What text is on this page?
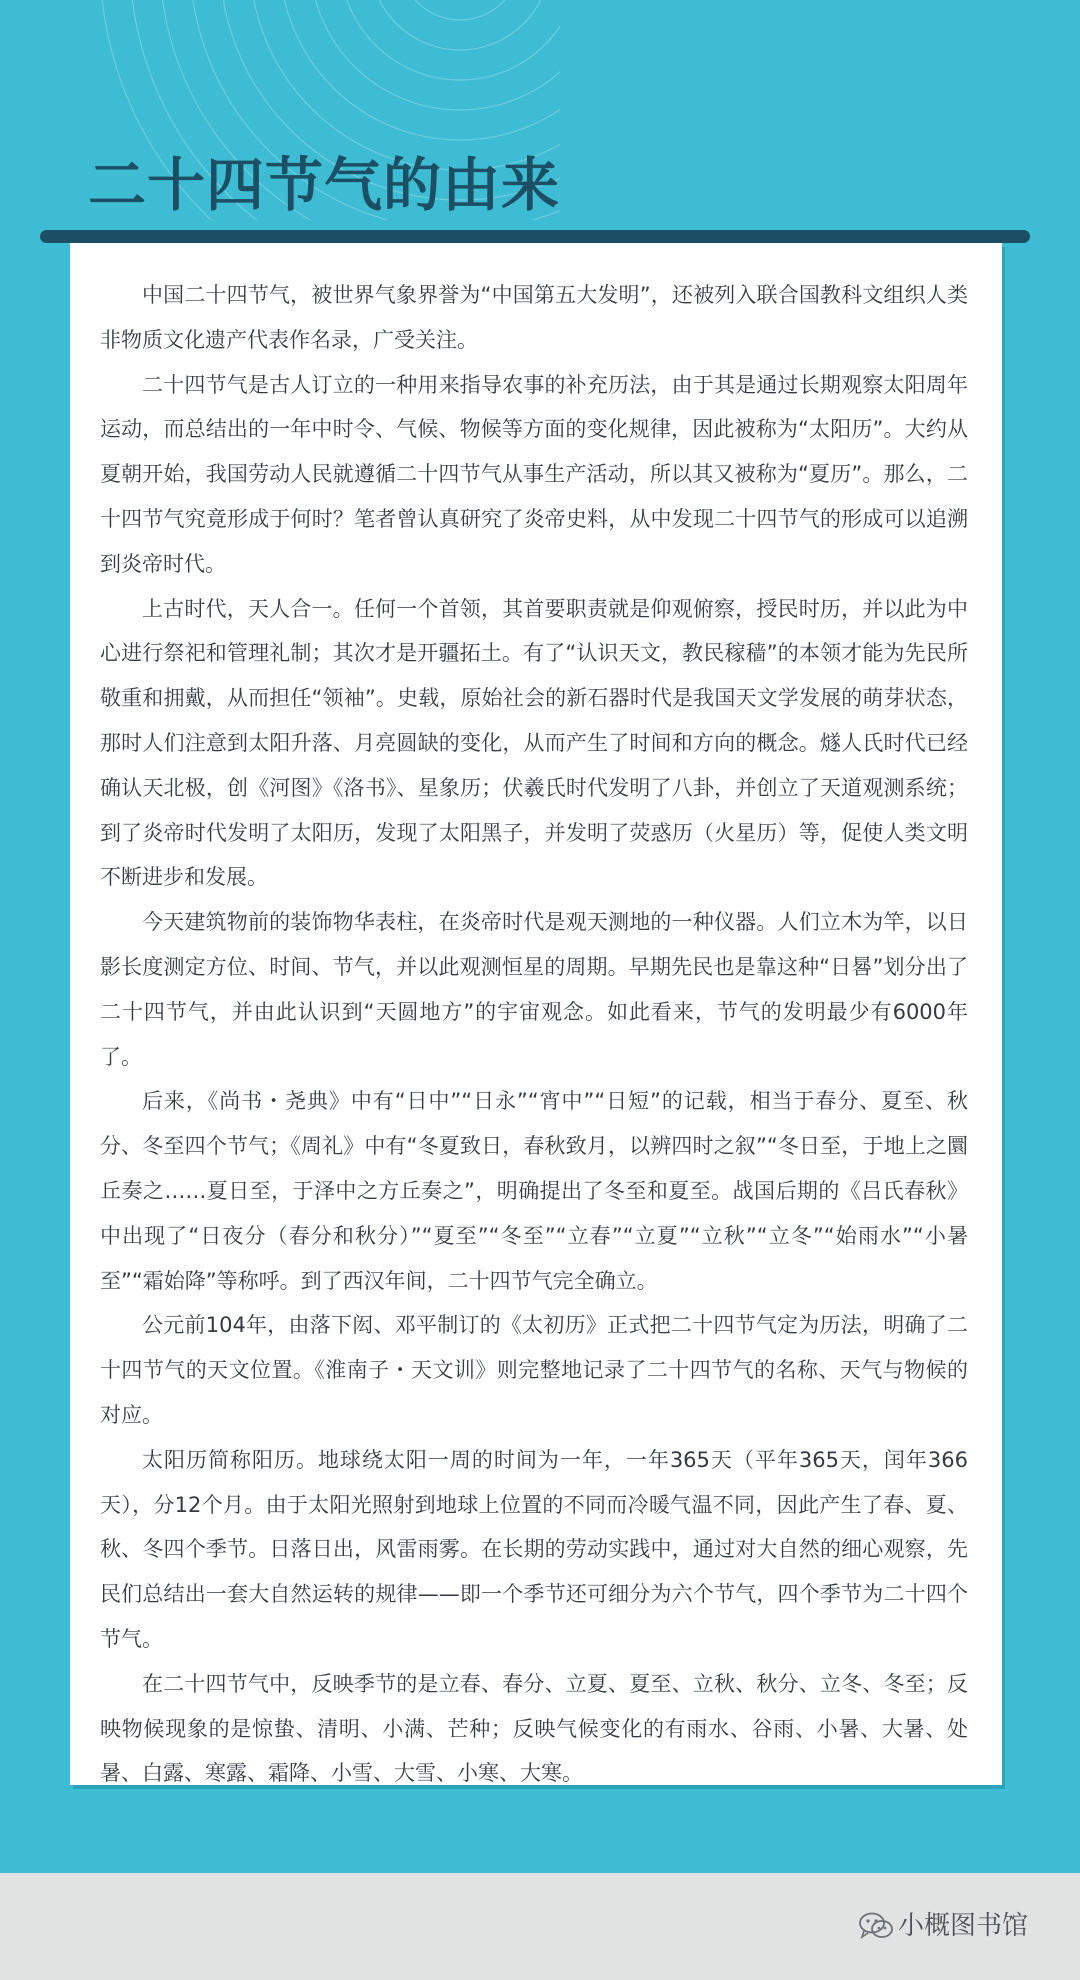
二十四节气的由来

中国二十四节气，被世界气象界誉为“中国第五大发明”，还被列入联合国教科文组织人类非物质文化遗产代表作名录，广受关注。

二十四节气是古人订立的一种用来指导农事的补充历法，由于其是通过长期观察太阳周年运动，而总结出的一年中时令、气候、物候等方面的变化规律，因此被称为“太阳历”。大约从夏朝开始，我国劳动人民就遵循二十四节气从事生产活动，所以其又被称为“夏历”。那么，二十四节气究竟形成于何时？笔者曾认真研究了炎帝史料，从中发现二十四节气的形成可以追溯到炎帝时代。

上古时代，天人合一。任何一个首领，其首要职责就是仰观俯察，授民时历，并以此为中心进行祭祀和管理礼制；其次才是开疆拓土。有了“认识天文，教民稼穑”的本领才能为先民所敬重和拥戴，从而担任“领袖”。史载，原始社会的新石器时代是我国天文学发展的萌芽状态，那时人们注意到太阳升落、月亮圆缺的变化，从而产生了时间和方向的概念。燧人氏时代已经确认天北极，创《河图》《洛书》、星象历；伏羲氏时代发明了八卦，并创立了天道观测系统；到了炎帝时代发明了太阳历，发现了太阳黑子，并发明了荧惑历（火星历）等，促使人类文明不断进步和发展。

今天建筑物前的装饰物华表柱，在炎帝时代是观天测地的一种仪器。人们立木为竿，以日影长度测定方位、时间、节气，并以此观测恒星的周期。早期先民也是靠这种“日晷”划分出了二十四节气，并由此认识到“天圆地方”的宇宙观念。如此看来，节气的发明最少有6000年了。

后来，《尚书・尧典》中有“日中”“日永”“宵中”“日短”的记载，相当于春分、夏至、秋分、冬至四个节气；《周礼》中有“冬夏致日，春秋致月，以辨四时之叙”“冬日至，于地上之圜丘奏之……夏日至，于泽中之方丘奏之”，明确提出了冬至和夏至。战国后期的《吕氏春秋》中出现了“日夜分（春分和秋分）”“夏至”“冬至”“立春”“立夏”“立秋”“立冬”“始雨水”“小暑至”“霜始降”等称呼。到了西汉年间，二十四节气完全确立。

公元前104年，由落下闳、邓平制订的《太初历》正式把二十四节气定为历法，明确了二十四节气的天文位置。《淮南子・天文训》则完整地记录了二十四节气的名称、天气与物候的对应。

太阳历简称阳历。地球绕太阳一周的时间为一年，一年365天（平年365天，闰年366天），分12个月。由于太阳光照射到地球上位置的不同而冷暖气温不同，因此产生了春、夏、秋、冬四个季节。日落日出，风雷雨雾。在长期的劳动实践中，通过对大自然的细心观察，先民们总结出一套大自然运转的规律——即一个季节还可细分为六个节气，四个季节为二十四个节气。

在二十四节气中，反映季节的是立春、春分、立夏、夏至、立秋、秋分、立冬、冬至；反映物候现象的是惊蛰、清明、小满、芒种；反映气候变化的有雨水、谷雨、小暑、大暑、处暑、白露、寒露、霜降、小雪、大雪、小寒、大寒。

小概图书馆
